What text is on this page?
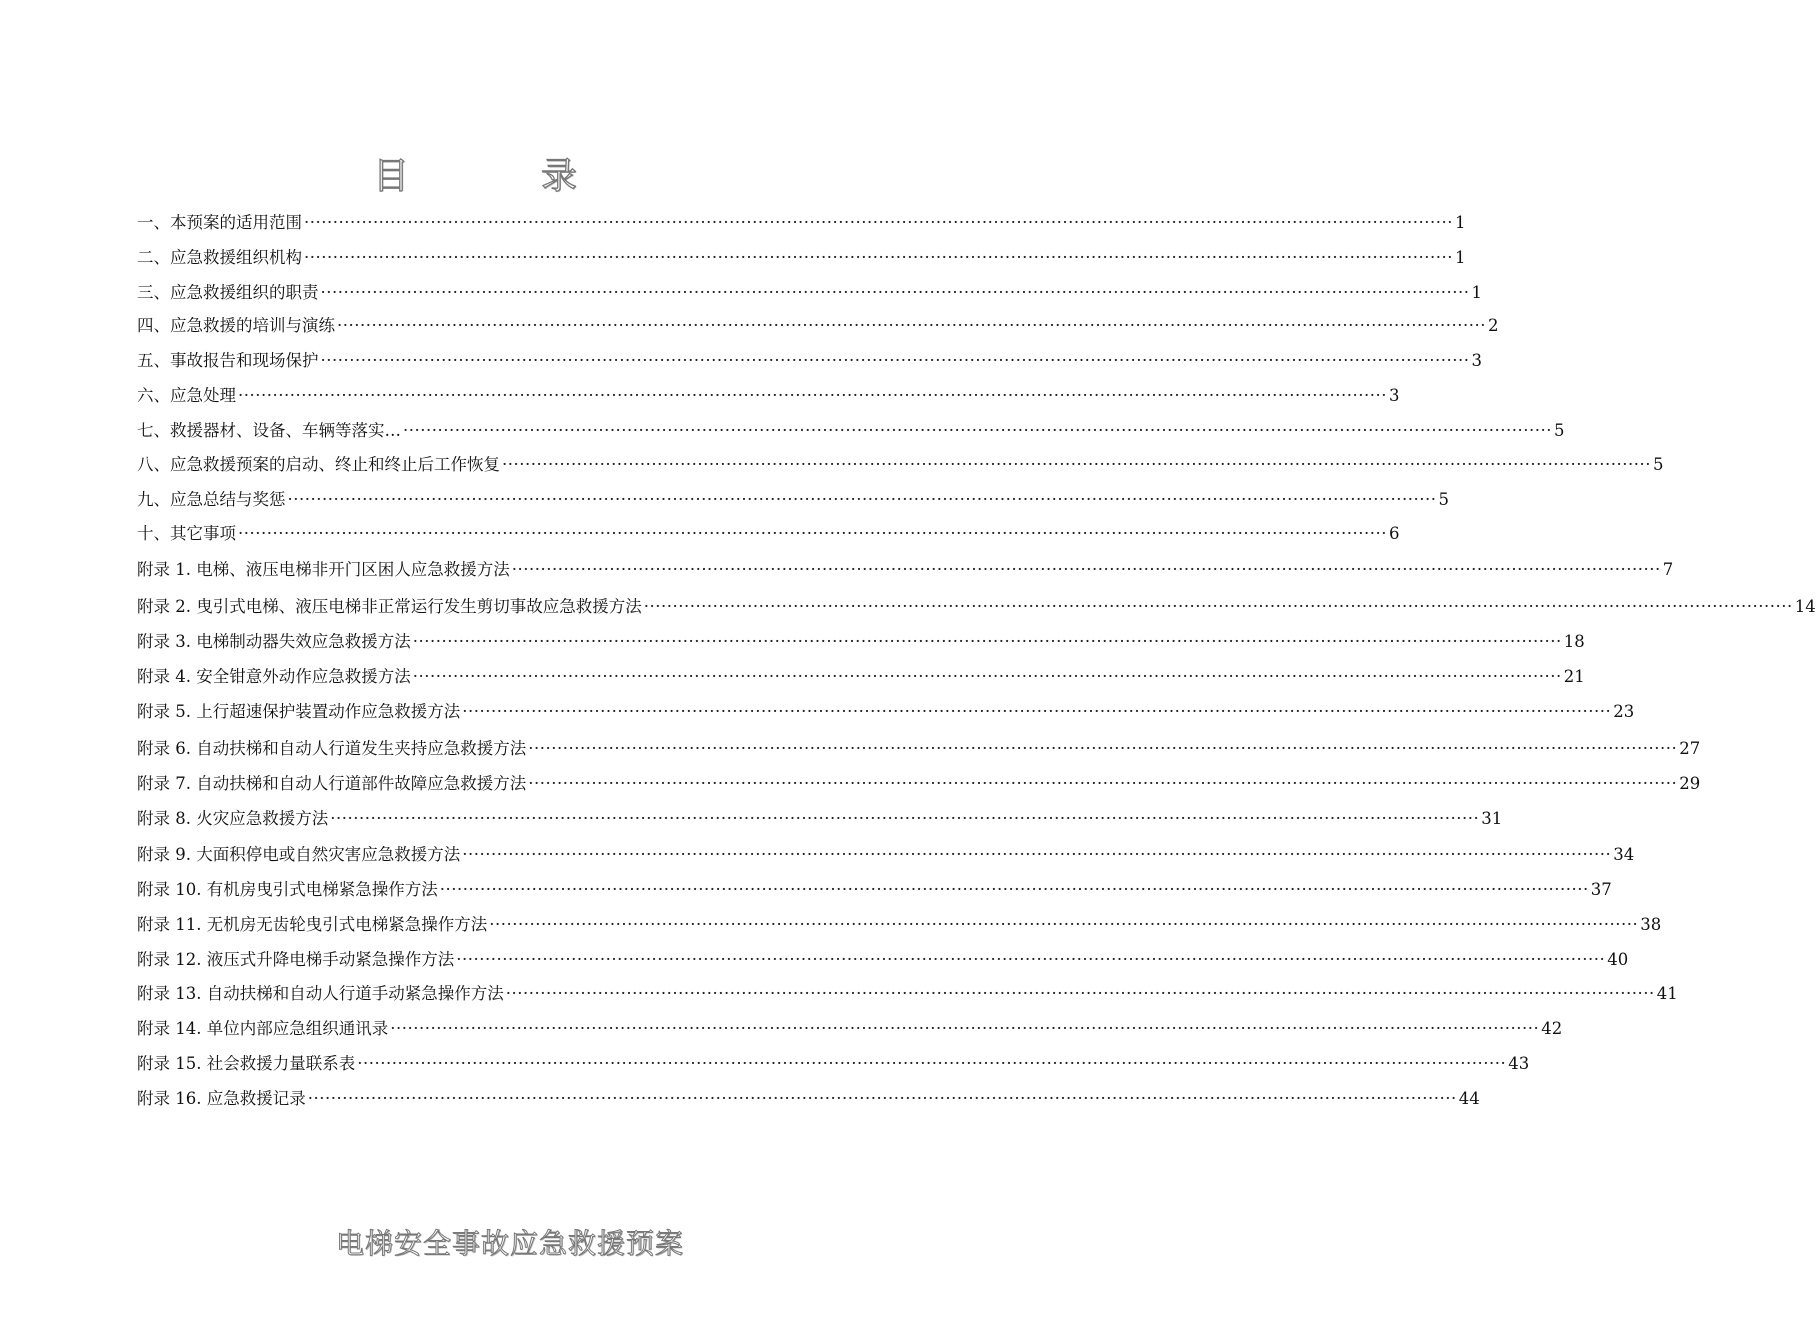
目　录
一、本预案的适用范围 ········································································································································································································ 1
二、应急救援组织机构 ········································································································································································································ 1
三、应急救援组织的职责 ········································································································································································································ 1
四、应急救援的培训与演练 ········································································································································································································ 2
五、事故报告和现场保护 ········································································································································································································ 3
六、应急处理 ········································································································································································································ 3
七、救援器材、设备、车辆等落实… ········································································································································································································ 5
八、应急救援预案的启动、终止和终止后工作恢复 ········································································································································································································ 5
九、应急总结与奖惩 ········································································································································································································ 5
十、其它事项 ········································································································································································································ 6
附录 1. 电梯、液压电梯非开门区困人应急救援方法 ········································································································································································································ 7
附录 2. 曳引式电梯、液压电梯非正常运行发生剪切事故应急救援方法 ········································································································································································································ 14
附录 3. 电梯制动器失效应急救援方法 ········································································································································································································ 18
附录 4. 安全钳意外动作应急救援方法 ········································································································································································································ 21
附录 5. 上行超速保护装置动作应急救援方法 ········································································································································································································ 23
附录 6. 自动扶梯和自动人行道发生夹持应急救援方法 ········································································································································································································ 27
附录 7. 自动扶梯和自动人行道部件故障应急救援方法 ········································································································································································································ 29
附录 8. 火灾应急救援方法 ········································································································································································································ 31
附录 9. 大面积停电或自然灾害应急救援方法 ········································································································································································································ 34
附录 10. 有机房曳引式电梯紧急操作方法 ········································································································································································································ 37
附录 11. 无机房无齿轮曳引式电梯紧急操作方法 ········································································································································································································ 38
附录 12. 液压式升降电梯手动紧急操作方法 ········································································································································································································ 40
附录 13. 自动扶梯和自动人行道手动紧急操作方法 ········································································································································································································ 41
附录 14. 单位内部应急组织通讯录 ········································································································································································································ 42
附录 15. 社会救援力量联系表 ········································································································································································································ 43
附录 16. 应急救援记录 ········································································································································································································ 44
电梯安全事故应急救援预案
